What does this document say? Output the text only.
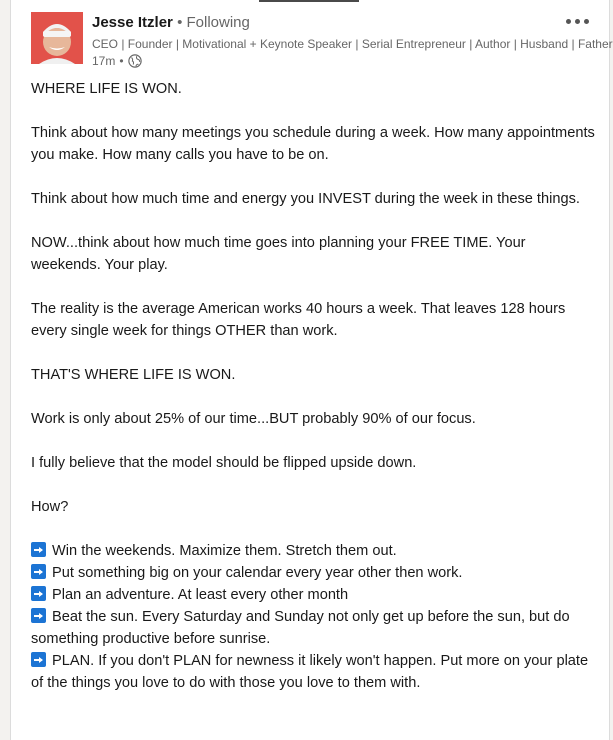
Jesse Itzler • Following
CEO | Founder | Motivational + Keynote Speaker | Serial Entrepreneur | Author | Husband | Father
17m •

WHERE LIFE IS WON.

Think about how many meetings you schedule during a week. How many appointments you make. How many calls you have to be on.

Think about how much time and energy you INVEST during the week in these things.

NOW...think about how much time goes into planning your FREE TIME. Your weekends. Your play.

The reality is the average American works 40 hours a week. That leaves 128 hours every single week for things OTHER than work.

THAT'S WHERE LIFE IS WON.

Work is only about 25% of our time...BUT probably 90% of our focus.

I fully believe that the model should be flipped upside down.

How?

Win the weekends. Maximize them. Stretch them out.

Put something big on your calendar every year other then work.

Plan an adventure. At least every other month

Beat the sun. Every Saturday and Sunday not only get up before the sun, but do something productive before sunrise.

PLAN. If you don't PLAN for newness it likely won't happen. Put more on your plate of the things you love to do with those you love to them with.
